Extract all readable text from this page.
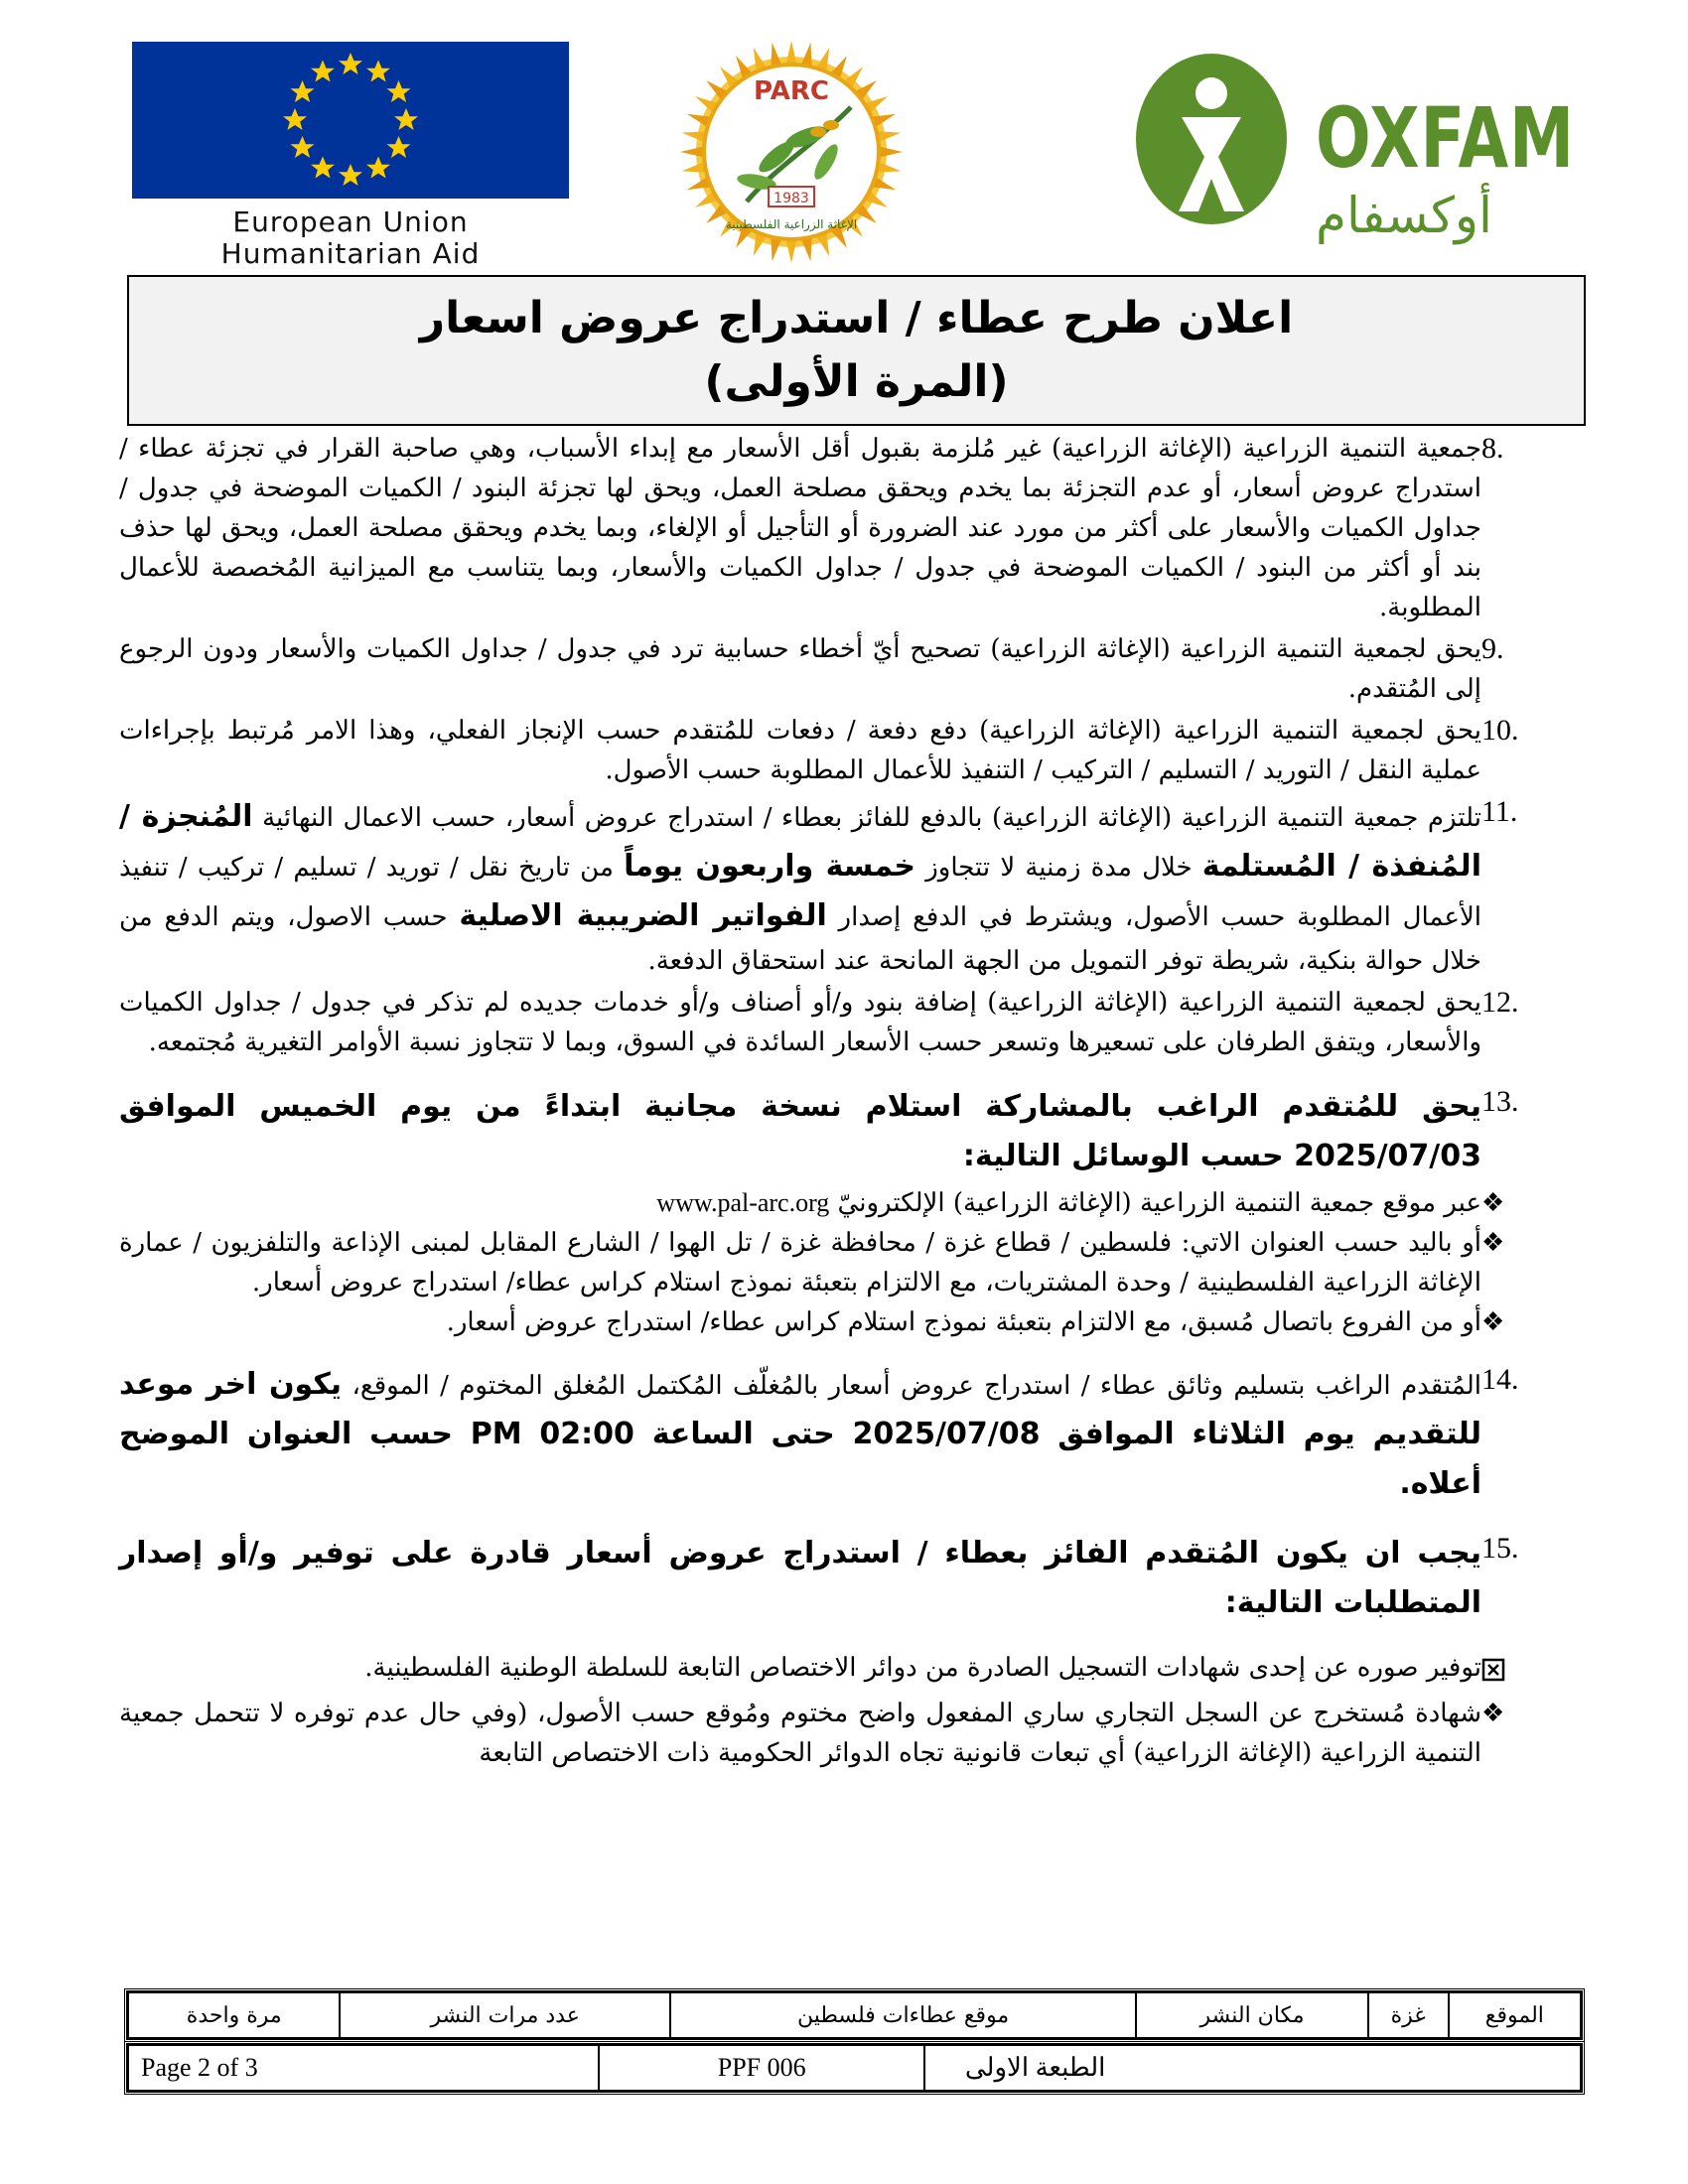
European Union
Humanitarian Aid
PARC
1983
الإغاثة الزراعية الفلسطينية
OXFAM
أوكسفام
اعلان طرح عطاء / استدراج عروض اسعار
(المرة الأولى)
8.
جمعية التنمية الزراعية (الإغاثة الزراعية) غير مُلزمة بقبول أقل الأسعار مع إبداء الأسباب، وهي صاحبة القرار في تجزئة عطاء / استدراج عروض أسعار، أو عدم التجزئة بما يخدم ويحقق مصلحة العمل، ويحق لها تجزئة البنود / الكميات الموضحة في جدول / جداول الكميات والأسعار على أكثر من مورد عند الضرورة أو التأجيل أو الإلغاء، وبما يخدم ويحقق مصلحة العمل، ويحق لها حذف بند أو أكثر من البنود / الكميات الموضحة في جدول / جداول الكميات والأسعار، وبما يتناسب مع الميزانية المُخصصة للأعمال المطلوبة.
9.
يحق لجمعية التنمية الزراعية (الإغاثة الزراعية) تصحيح أيّ أخطاء حسابية ترد في جدول / جداول الكميات والأسعار ودون الرجوع إلى المُتقدم.
10.
يحق لجمعية التنمية الزراعية (الإغاثة الزراعية) دفع دفعة / دفعات للمُتقدم حسب الإنجاز الفعلي، وهذا الامر مُرتبط بإجراءات عملية النقل / التوريد / التسليم / التركيب / التنفيذ للأعمال المطلوبة حسب الأصول.
11.
تلتزم جمعية التنمية الزراعية (الإغاثة الزراعية) بالدفع للفائز بعطاء / استدراج عروض أسعار، حسب الاعمال النهائية المُنجزة / المُنفذة / المُستلمة خلال مدة زمنية لا تتجاوز خمسة واربعون يوماً من تاريخ نقل / توريد / تسليم / تركيب / تنفيذ الأعمال المطلوبة حسب الأصول، ويشترط في الدفع إصدار الفواتير الضريبية الاصلية حسب الاصول، ويتم الدفع من خلال حوالة بنكية، شريطة توفر التمويل من الجهة المانحة عند استحقاق الدفعة.
12.
يحق لجمعية التنمية الزراعية (الإغاثة الزراعية) إضافة بنود و/أو أصناف و/أو خدمات جديده لم تذكر في جدول / جداول الكميات والأسعار، ويتفق الطرفان على تسعيرها وتسعر حسب الأسعار السائدة في السوق، وبما لا تتجاوز نسبة الأوامر التغيرية مُجتمعه.
13.
يحق للمُتقدم الراغب بالمشاركة استلام نسخة مجانية ابتداءً من يوم الخميس الموافق 2025/07/03 حسب الوسائل التالية:
❖
عبر موقع جمعية التنمية الزراعية (الإغاثة الزراعية) الإلكترونيّ www.pal-arc.org
❖
أو باليد حسب العنوان الاتي: فلسطين / قطاع غزة / محافظة غزة / تل الهوا / الشارع المقابل لمبنى الإذاعة والتلفزيون / عمارة الإغاثة الزراعية الفلسطينية / وحدة المشتريات، مع الالتزام بتعبئة نموذج استلام كراس عطاء/ استدراج عروض أسعار.
❖
أو من الفروع باتصال مُسبق، مع الالتزام بتعبئة نموذج استلام كراس عطاء/ استدراج عروض أسعار.
14.
المُتقدم الراغب بتسليم وثائق عطاء / استدراج عروض أسعار بالمُغلّف المُكتمل المُغلق المختوم / الموقع، يكون اخر موعد للتقديم يوم الثلاثاء الموافق 2025/07/08 حتى الساعة 02:00 PM حسب العنوان الموضح أعلاه.
15.
يجب ان يكون المُتقدم الفائز بعطاء / استدراج عروض أسعار قادرة على توفير و/أو إصدار المتطلبات التالية:
توفير صوره عن إحدى شهادات التسجيل الصادرة من دوائر الاختصاص التابعة للسلطة الوطنية الفلسطينية.
❖
شهادة مُستخرج عن السجل التجاري ساري المفعول واضح مختوم ومُوقع حسب الأصول، (وفي حال عدم توفره لا تتحمل جمعية التنمية الزراعية (الإغاثة الزراعية) أي تبعات قانونية تجاه الدوائر الحكومية ذات الاختصاص التابعة
الموقع	غزة	مكان النشر	موقع عطاءات فلسطين	عدد مرات النشر	مرة واحدة
الطبعة الاولى	PPF 006	Page 2 of 3
